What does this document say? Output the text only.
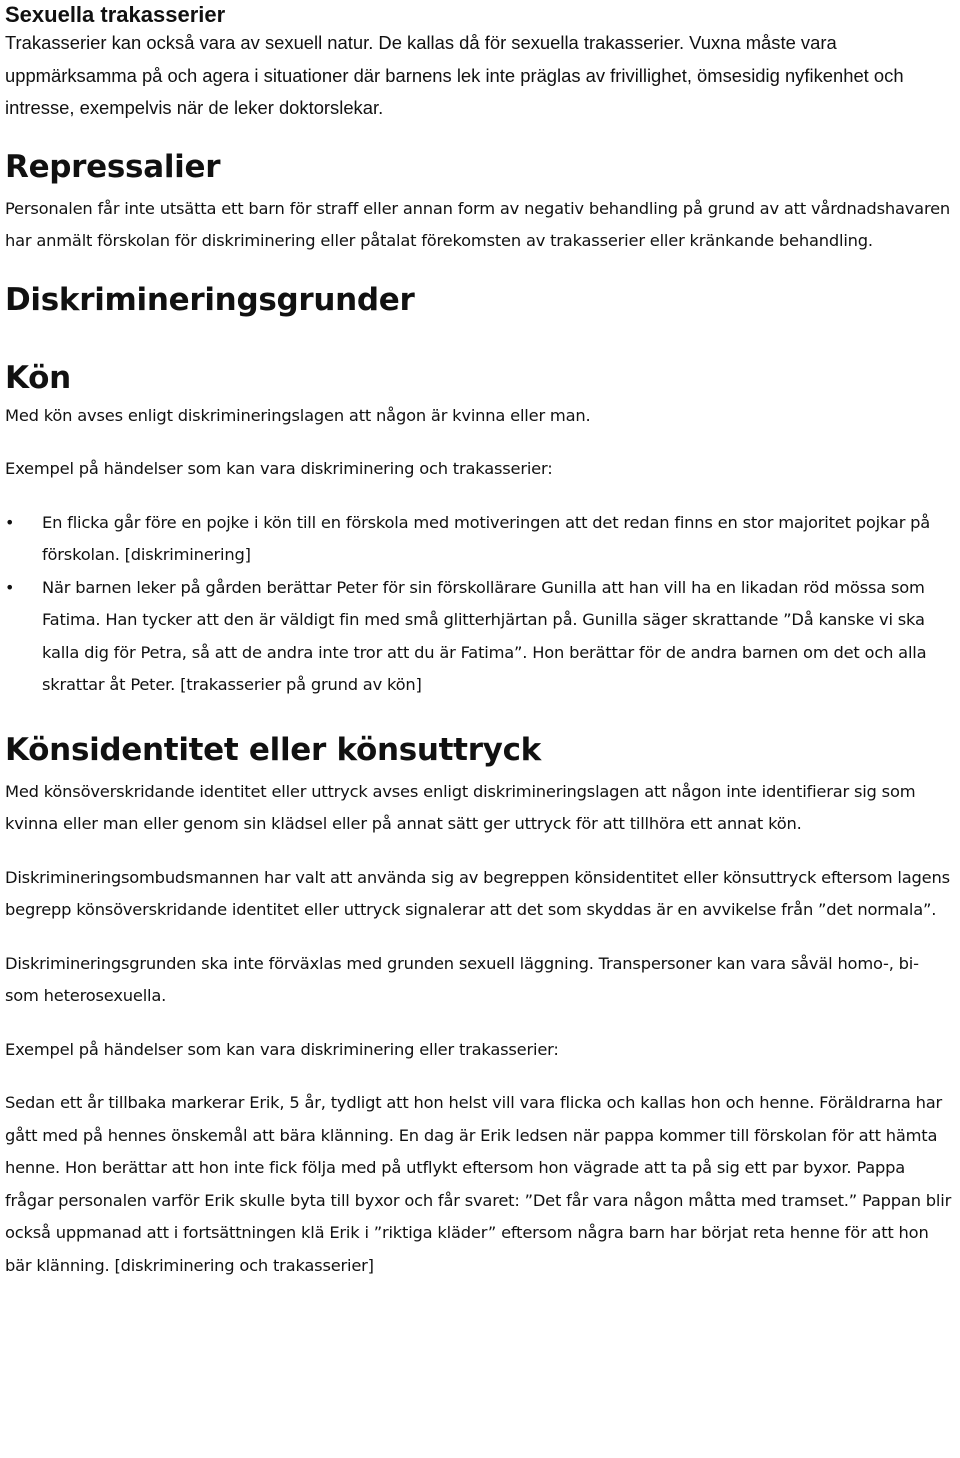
Sexuella trakasserier

Trakasserier kan också vara av sexuell natur. De kallas då för sexuella trakasserier. Vuxna måste vara uppmärksamma på och agera i situationer där barnens lek inte präglas av frivillighet, ömsesidig nyfikenhet och intresse, exempelvis när de leker doktorslekar.

Repressalier

Personalen får inte utsätta ett barn för straff eller annan form av negativ behandling på grund av att vårdnadshavaren har anmält förskolan för diskriminering eller påtalat förekomsten av trakasserier eller kränkande behandling.

Diskrimineringsgrunder
Kön

Med kön avses enligt diskrimineringslagen att någon är kvinna eller man.

Exempel på händelser som kan vara diskriminering och trakasserier:

• En flicka går före en pojke i kön till en förskola med motiveringen att det redan finns en stor majoritet pojkar på förskolan. [diskriminering]
• När barnen leker på gården berättar Peter för sin förskollärare Gunilla att han vill ha en likadan röd mössa som Fatima. Han tycker att den är väldigt fin med små glitterhjärtan på. Gunilla säger skrattande ”Då kanske vi ska kalla dig för Petra, så att de andra inte tror att du är Fatima”. Hon berättar för de andra barnen om det och alla skrattar åt Peter. [trakasserier på grund av kön]
Könsidentitet eller könsuttryck

Med könsöverskridande identitet eller uttryck avses enligt diskrimineringslagen att någon inte identifierar sig som kvinna eller man eller genom sin klädsel eller på annat sätt ger uttryck för att tillhöra ett annat kön.

Diskrimineringsombudsmannen har valt att använda sig av begreppen könsidentitet eller könsuttryck eftersom lagens begrepp könsöverskridande identitet eller uttryck signalerar att det som skyddas är en avvikelse från ”det normala”.

Diskrimineringsgrunden ska inte förväxlas med grunden sexuell läggning. Transpersoner kan vara såväl homo-, bi- som heterosexuella.

Exempel på händelser som kan vara diskriminering eller trakasserier:

Sedan ett år tillbaka markerar Erik, 5 år, tydligt att hon helst vill vara flicka och kallas hon och henne. Föräldrarna har gått med på hennes önskemål att bära klänning. En dag är Erik ledsen när pappa kommer till förskolan för att hämta henne. Hon berättar att hon inte fick följa med på utflykt eftersom hon vägrade att ta på sig ett par byxor. Pappa frågar personalen varför Erik skulle byta till byxor och får svaret: ”Det får vara någon måtta med tramset.” Pappan blir också uppmanad att i fortsättningen klä Erik i ”riktiga kläder” eftersom några barn har börjat reta henne för att hon bär klänning. [diskriminering och trakasserier]
